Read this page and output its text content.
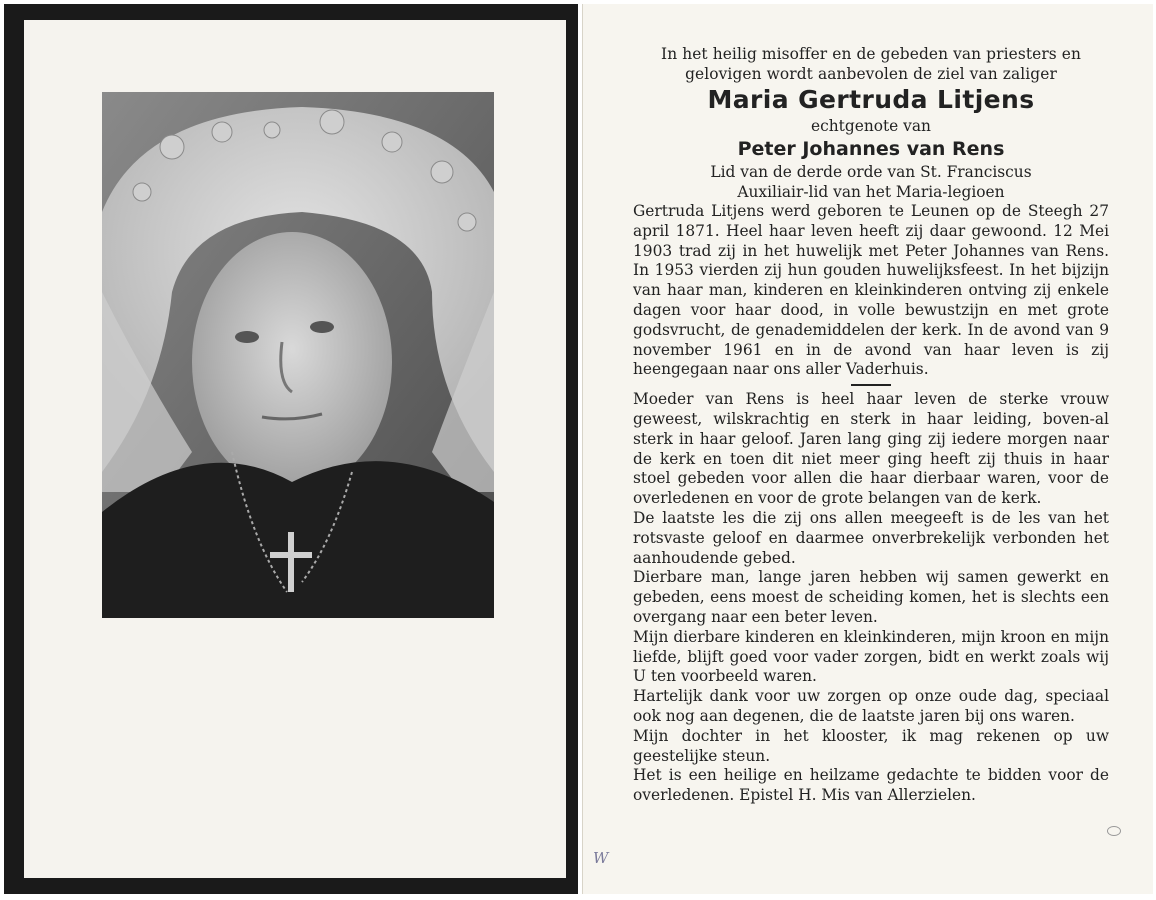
In het heilig misoffer en de gebeden van priesters en gelovigen wordt aanbevolen de ziel van zaliger
Maria Gertruda Litjens
echtgenote van
Peter Johannes van Rens
Lid van de derde orde van St. Franciscus
Auxiliair-lid van het Maria-legioen
Gertruda Litjens werd geboren te Leunen op de Steegh 27 april 1871. Heel haar leven heeft zij daar gewoond. 12 Mei 1903 trad zij in het huwelijk met Peter Johannes van Rens. In 1953 vierden zij hun gouden huwelijksfeest. In het bijzijn van haar man, kinderen en kleinkinderen ontving zij enkele dagen voor haar dood, in volle bewustzijn en met grote godsvrucht, de genademiddelen der kerk. In de avond van 9 november 1961 en in de avond van haar leven is zij heengegaan naar ons aller Vaderhuis.
Moeder van Rens is heel haar leven de sterke vrouw geweest, wilskrachtig en sterk in haar leiding, boven-al sterk in haar geloof. Jaren lang ging zij iedere morgen naar de kerk en toen dit niet meer ging heeft zij thuis in haar stoel gebeden voor allen die haar dierbaar waren, voor de overledenen en voor de grote belangen van de kerk.
De laatste les die zij ons allen meegeeft is de les van het rotsvaste geloof en daarmee onverbrekelijk verbonden het aanhoudende gebed.
Dierbare man, lange jaren hebben wij samen gewerkt en gebeden, eens moest de scheiding komen, het is slechts een overgang naar een beter leven.
Mijn dierbare kinderen en kleinkinderen, mijn kroon en mijn liefde, blijft goed voor vader zorgen, bidt en werkt zoals wij U ten voorbeeld waren.
Hartelijk dank voor uw zorgen op onze oude dag, speciaal ook nog aan degenen, die de laatste jaren bij ons waren.
Mijn dochter in het klooster, ik mag rekenen op uw geestelijke steun.
Het is een heilige en heilzame gedachte te bidden voor de overledenen. Epistel H. Mis van Allerzielen.
W
